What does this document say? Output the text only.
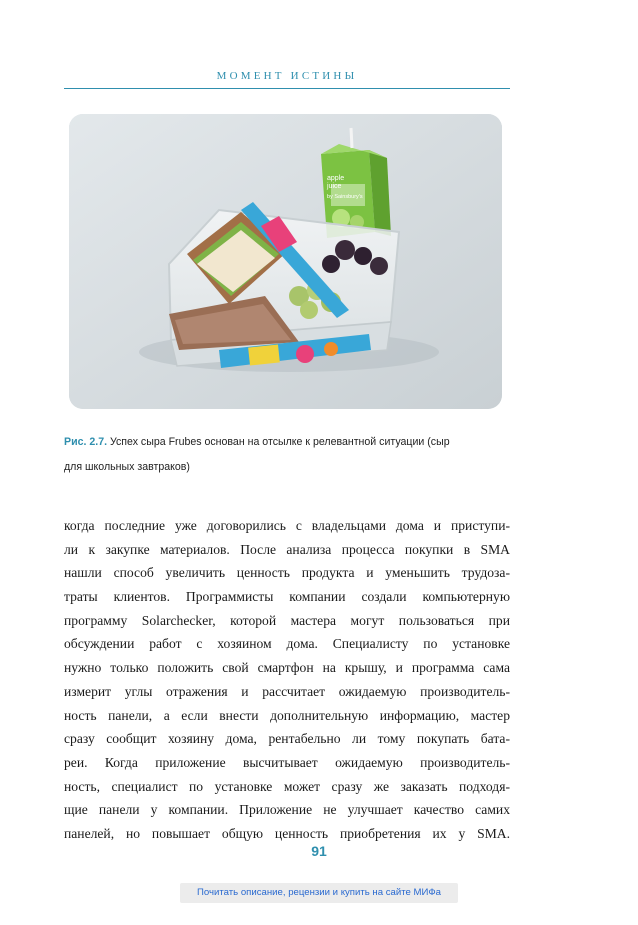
МОМЕНТ ИСТИНЫ
apple
juice
by Sainsbury's
Рис. 2.7. Успех сыра Frubes основан на отсылке к релевантной ситуации (сыр
для школьных завтраков)
когда последние уже договорились с владельцами дома и приступи-
ли к закупке материалов. После анализа процесса покупки в SMA
нашли способ увеличить ценность продукта и уменьшить трудоза-
траты клиентов. Программисты компании создали компьютерную
программу Solarchecker, которой мастера могут пользоваться при
обсуждении работ с хозяином дома. Специалисту по установке
нужно только положить свой смартфон на крышу, и программа сама
измерит углы отражения и рассчитает ожидаемую производитель-
ность панели, а если внести дополнительную информацию, мастер
сразу сообщит хозяину дома, рентабельно ли тому покупать бата-
реи. Когда приложение высчитывает ожидаемую производитель-
ность, специалист по установке может сразу же заказать подходя-
щие панели у компании. Приложение не улучшает качество самих
панелей, но повышает общую ценность приобретения их у SMA.
91
Почитать описание, рецензии и купить на сайте МИФа
